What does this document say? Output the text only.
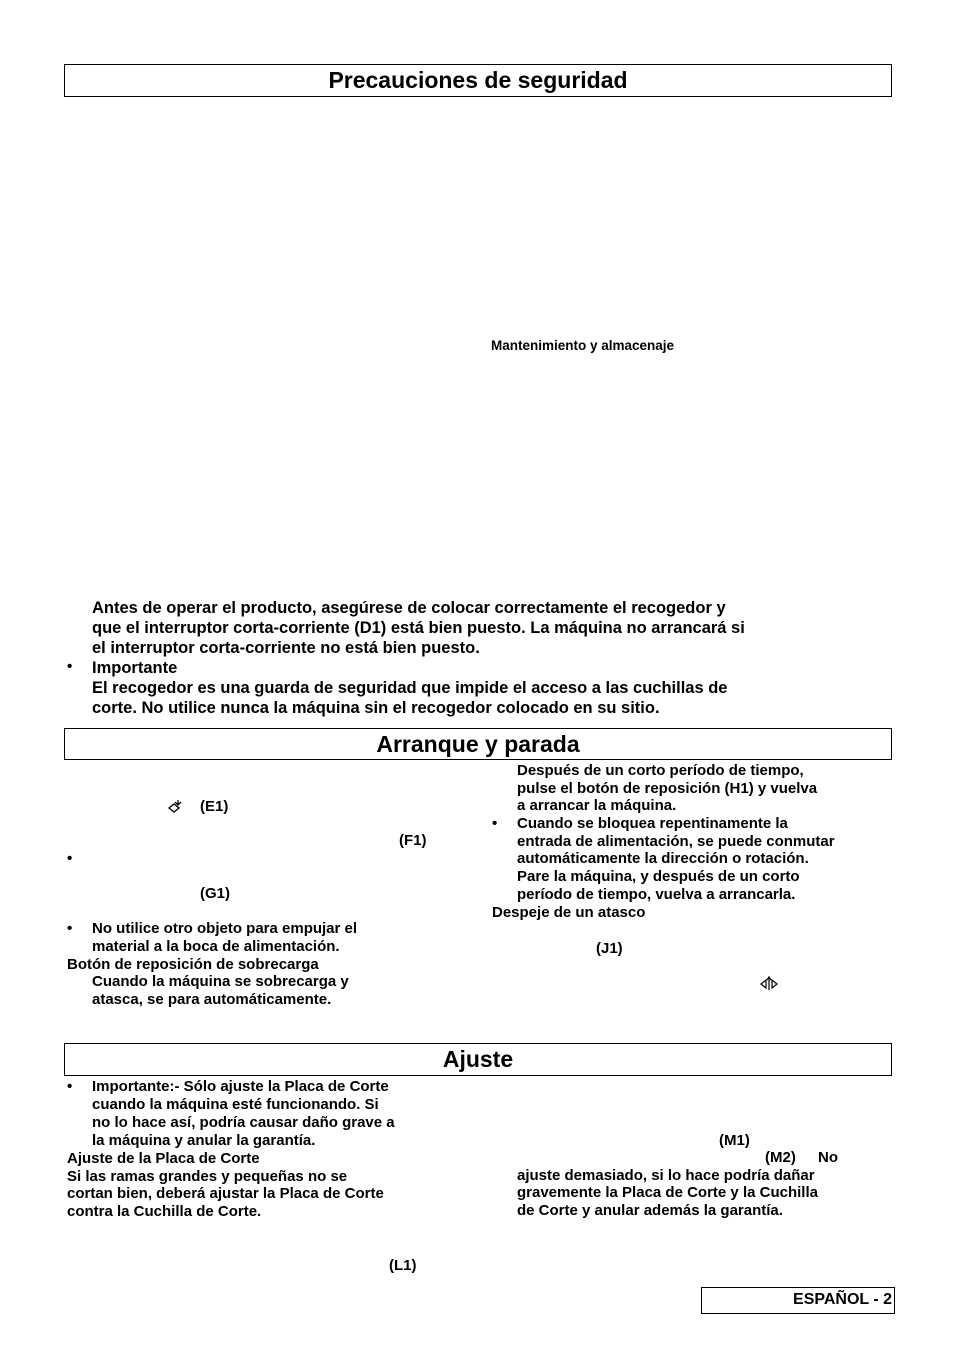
Precauciones de seguridad
Mantenimiento y almacenaje
Antes de operar el producto, asegúrese de colocar correctamente el recogedor y
que el interruptor corta-corriente (D1) está bien puesto. La máquina no arrancará si
el interruptor corta-corriente no está bien puesto.
• Importante
El recogedor es una guarda de seguridad que impide el acceso a las cuchillas de
corte. No utilice nunca la máquina sin el recogedor colocado en su sitio.
Arranque y parada
(E1)
(F1)
•
(G1)
• No utilice otro objeto para empujar el
material a la boca de alimentación.
Botón de reposición de sobrecarga
Cuando la máquina se sobrecarga y
atasca, se para automáticamente.
Después de un corto período de tiempo,
pulse el botón de reposición (H1) y vuelva
a arrancar la máquina.
• Cuando se bloquea repentinamente la
entrada de alimentación, se puede conmutar
automáticamente la dirección o rotación.
Pare la máquina, y después de un corto
período de tiempo, vuelva a arrancarla.
Despeje de un atasco
(J1)
Ajuste
• Importante:- Sólo ajuste la Placa de Corte
cuando la máquina esté funcionando. Si
no lo hace así, podría causar daño grave a
la máquina y anular la garantía.
Ajuste de la Placa de Corte
Si las ramas grandes y pequeñas no se
cortan bien, deberá ajustar la Placa de Corte
contra la Cuchilla de Corte.
(L1)
(M1)
(M2) No
ajuste demasiado, si lo hace podría dañar
gravemente la Placa de Corte y la Cuchilla
de Corte y anular además la garantía.
ESPAÑOL - 2
